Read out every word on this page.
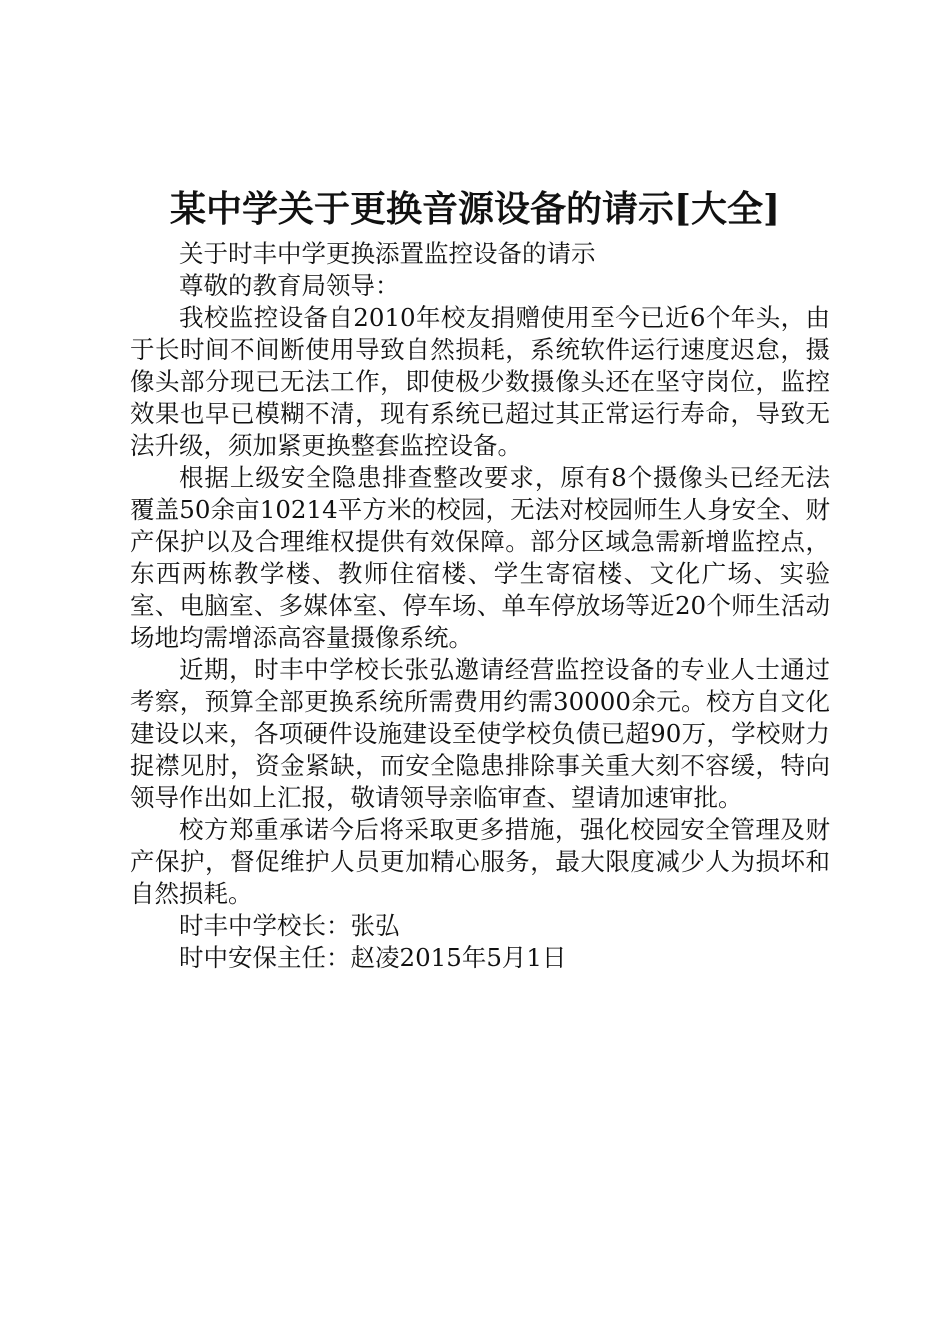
某中学关于更换音源设备的请示[大全]
关于时丰中学更换添置监控设备的请示
尊敬的教育局领导：

我校监控设备自2010年校友捐赠使用至今已近6个年头，由于长时间不间断使用导致自然损耗，系统软件运行速度迟怠，摄像头部分现已无法工作，即使极少数摄像头还在坚守岗位，监控效果也早已模糊不清，现有系统已超过其正常运行寿命，导致无法升级，须加紧更换整套监控设备。

根据上级安全隐患排查整改要求，原有8个摄像头已经无法覆盖50余亩10214平方米的校园，无法对校园师生人身安全、财产保护以及合理维权提供有效保障。部分区域急需新增监控点，东西两栋教学楼、教师住宿楼、学生寄宿楼、文化广场、实验室、电脑室、多媒体室、停车场、单车停放场等近20个师生活动场地均需增添高容量摄像系统。

近期，时丰中学校长张弘邀请经营监控设备的专业人士通过考察，预算全部更换系统所需费用约需30000余元。校方自文化建设以来，各项硬件设施建设至使学校负债已超90万，学校财力捉襟见肘，资金紧缺，而安全隐患排除事关重大刻不容缓，特向领导作出如上汇报，敬请领导亲临审查、望请加速审批。

校方郑重承诺今后将采取更多措施，强化校园安全管理及财产保护，督促维护人员更加精心服务，最大限度减少人为损坏和自然损耗。

时丰中学校长：张弘
时中安保主任：赵凌2015年5月1日
